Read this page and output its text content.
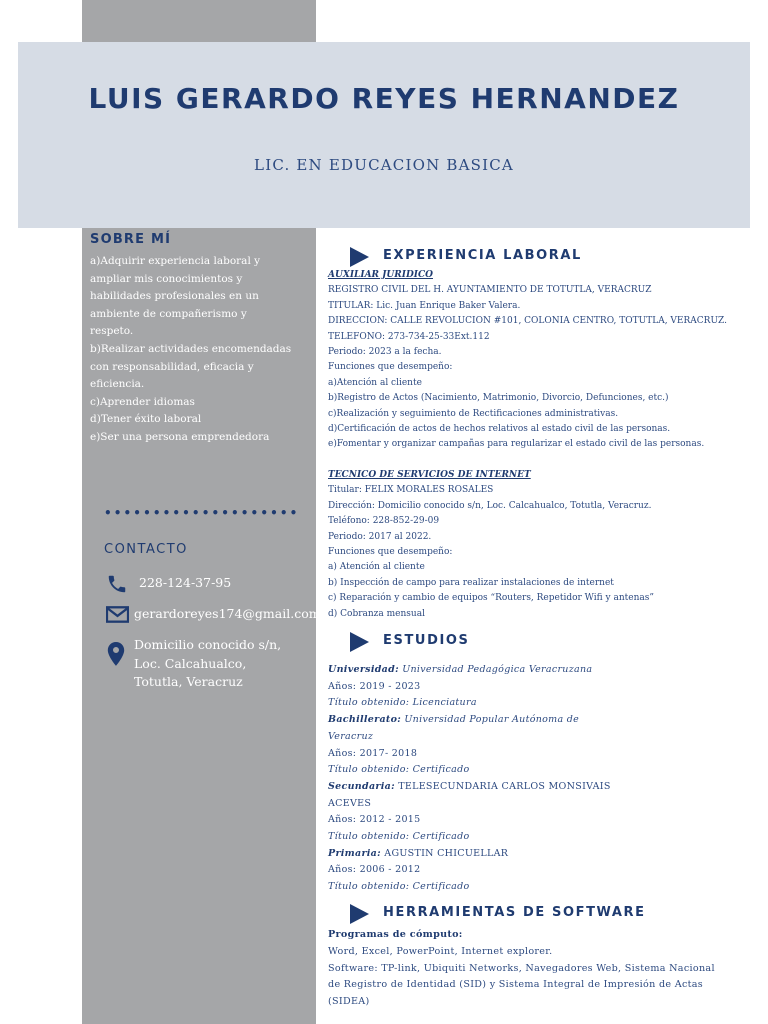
LUIS GERARDO REYES HERNANDEZ
LIC. EN EDUCACION BASICA
SOBRE MÍ
a)Adquirir experiencia laboral y
ampliar mis conocimientos y
habilidades profesionales en un
ambiente de compañerismo y
respeto.
b)Realizar actividades encomendadas
con responsabilidad, eficacia y
eficiencia.
c)Aprender idiomas
d)Tener éxito laboral
e)Ser una persona emprendedora
••••••••••••••••••••
CONTACTO
228-124-37-95
gerardoreyes174@gmail.com
Domicilio conocido s/n,
Loc. Calcahualco,
Totutla, Veracruz
EXPERIENCIA LABORAL
AUXILIAR JURIDICO
REGISTRO CIVIL DEL H. AYUNTAMIENTO DE TOTUTLA, VERACRUZ
TITULAR: Lic. Juan Enrique Baker Valera.
DIRECCION: CALLE REVOLUCION #101, COLONIA CENTRO, TOTUTLA, VERACRUZ.
TELEFONO: 273-734-25-33Ext.112
Periodo: 2023 a la fecha.
Funciones que desempeño:
a)Atención al cliente
b)Registro de Actos (Nacimiento, Matrimonio, Divorcio, Defunciones, etc.)
c)Realización y seguimiento de Rectificaciones administrativas.
d)Certificación de actos de hechos relativos al estado civil de las personas.
e)Fomentar y organizar campañas para regularizar el estado civil de las personas.
TECNICO DE SERVICIOS DE INTERNET
Titular: FELIX MORALES ROSALES
Dirección: Domicilio conocido s/n, Loc. Calcahualco, Totutla, Veracruz.
Teléfono: 228-852-29-09
Periodo: 2017 al 2022.
Funciones que desempeño:
a) Atención al cliente
b) Inspección de campo para realizar instalaciones de internet
c) Reparación y cambio de equipos “Routers, Repetidor Wifi y antenas”
d) Cobranza mensual
ESTUDIOS
Universidad: Universidad Pedagógica Veracruzana
Años: 2019 - 2023
Título obtenido: Licenciatura
Bachillerato: Universidad Popular Autónoma de
Veracruz
Años: 2017- 2018
Título obtenido: Certificado
Secundaria: TELESECUNDARIA CARLOS MONSIVAIS
ACEVES
Años: 2012 - 2015
Título obtenido: Certificado
Primaria: AGUSTIN CHICUELLAR
Años: 2006 - 2012
Título obtenido: Certificado
HERRAMIENTAS DE SOFTWARE
Programas de cómputo:
Word, Excel, PowerPoint, Internet explorer.
Software: TP-link, Ubiquiti Networks, Navegadores Web, Sistema Nacional
de Registro de Identidad (SID) y Sistema Integral de Impresión de Actas
(SIDEA)
